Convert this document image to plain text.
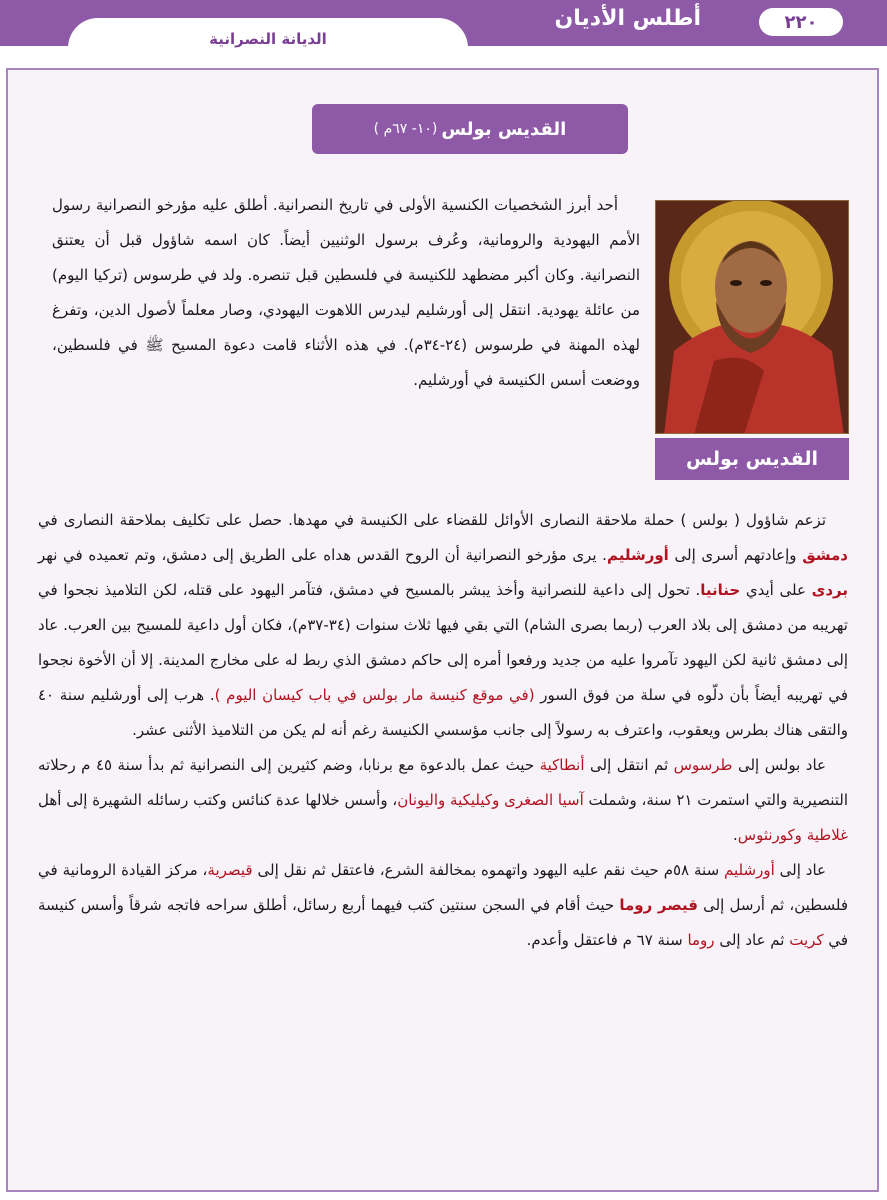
٢٢٠
أطلس الأديان
الديانة النصرانية
القديس بولس
(١٠- ٦٧م )
القديس بولس

أحد أبرز الشخصيات الكنسية الأولى في تاريخ النصرانية. أطلق عليه مؤرخو النصرانية رسول الأمم اليهودية والرومانية، وعُرف برسول الوثنيين أيضاً. كان اسمه شاؤول قبل أن يعتنق النصرانية. وكان أكبر مضطهد للكنيسة في فلسطين قبل تنصره. ولد في طرسوس (تركيا اليوم) من عائلة يهودية. انتقل إلى أورشليم ليدرس اللاهوت اليهودي، وصار معلماً لأصول الدين، وتفرغ لهذه المهنة في طرسوس (٢٤-٣٤م). في هذه الأثناء قامت دعوة المسيح ﷺ في فلسطين، ووضعت أسس الكنيسة في أورشليم.

تزعم شاؤول ( بولس ) حملة ملاحقة النصارى الأوائل للقضاء على الكنيسة في مهدها. حصل على تكليف بملاحقة النصارى في دمشق وإعادتهم أسرى إلى أورشليم. يرى مؤرخو النصرانية أن الروح القدس هداه على الطريق إلى دمشق، وتم تعميده في نهر بردى على أيدي حنانيا. تحول إلى داعية للنصرانية وأخذ يبشر بالمسيح في دمشق، فتآمر اليهود على قتله، لكن التلاميذ نجحوا في تهريبه من دمشق إلى بلاد العرب (ربما بصرى الشام) التي بقي فيها ثلاث سنوات (٣٤-٣٧م)، فكان أول داعية للمسيح بين العرب. عاد إلى دمشق ثانية لكن اليهود تآمروا عليه من جديد ورفعوا أمره إلى حاكم دمشق الذي ربط له على مخارج المدينة. إلا أن الأخوة نجحوا في تهريبه أيضاً بأن دلّوه في سلة من فوق السور (في موقع كنيسة مار بولس في باب كيسان اليوم ). هرب إلى أورشليم سنة ٤٠ والتقى هناك بطرس ويعقوب، واعترف به رسولاً إلى جانب مؤسسي الكنيسة رغم أنه لم يكن من التلاميذ الأثنى عشر.

عاد بولس إلى طرسوس ثم انتقل إلى أنطاكية حيث عمل بالدعوة مع برنابا، وضم كثيرين إلى النصرانية ثم بدأ سنة ٤٥ م رحلاته التنصيرية والتي استمرت ٢١ سنة، وشملت آسيا الصغرى وكيليكية واليونان، وأسس خلالها عدة كنائس وكتب رسائله الشهيرة إلى أهل غلاطية وكورنثوس.

عاد إلى أورشليم سنة ٥٨م حيث نقم عليه اليهود واتهموه بمخالفة الشرع، فاعتقل ثم نقل إلى قيصرية، مركز القيادة الرومانية في فلسطين، ثم أرسل إلى قيصر روما حيث أقام في السجن سنتين كتب فيهما أربع رسائل، أطلق سراحه فاتجه شرقاً وأسس كنيسة في كريت ثم عاد إلى روما سنة ٦٧ م فاعتقل وأعدم.
